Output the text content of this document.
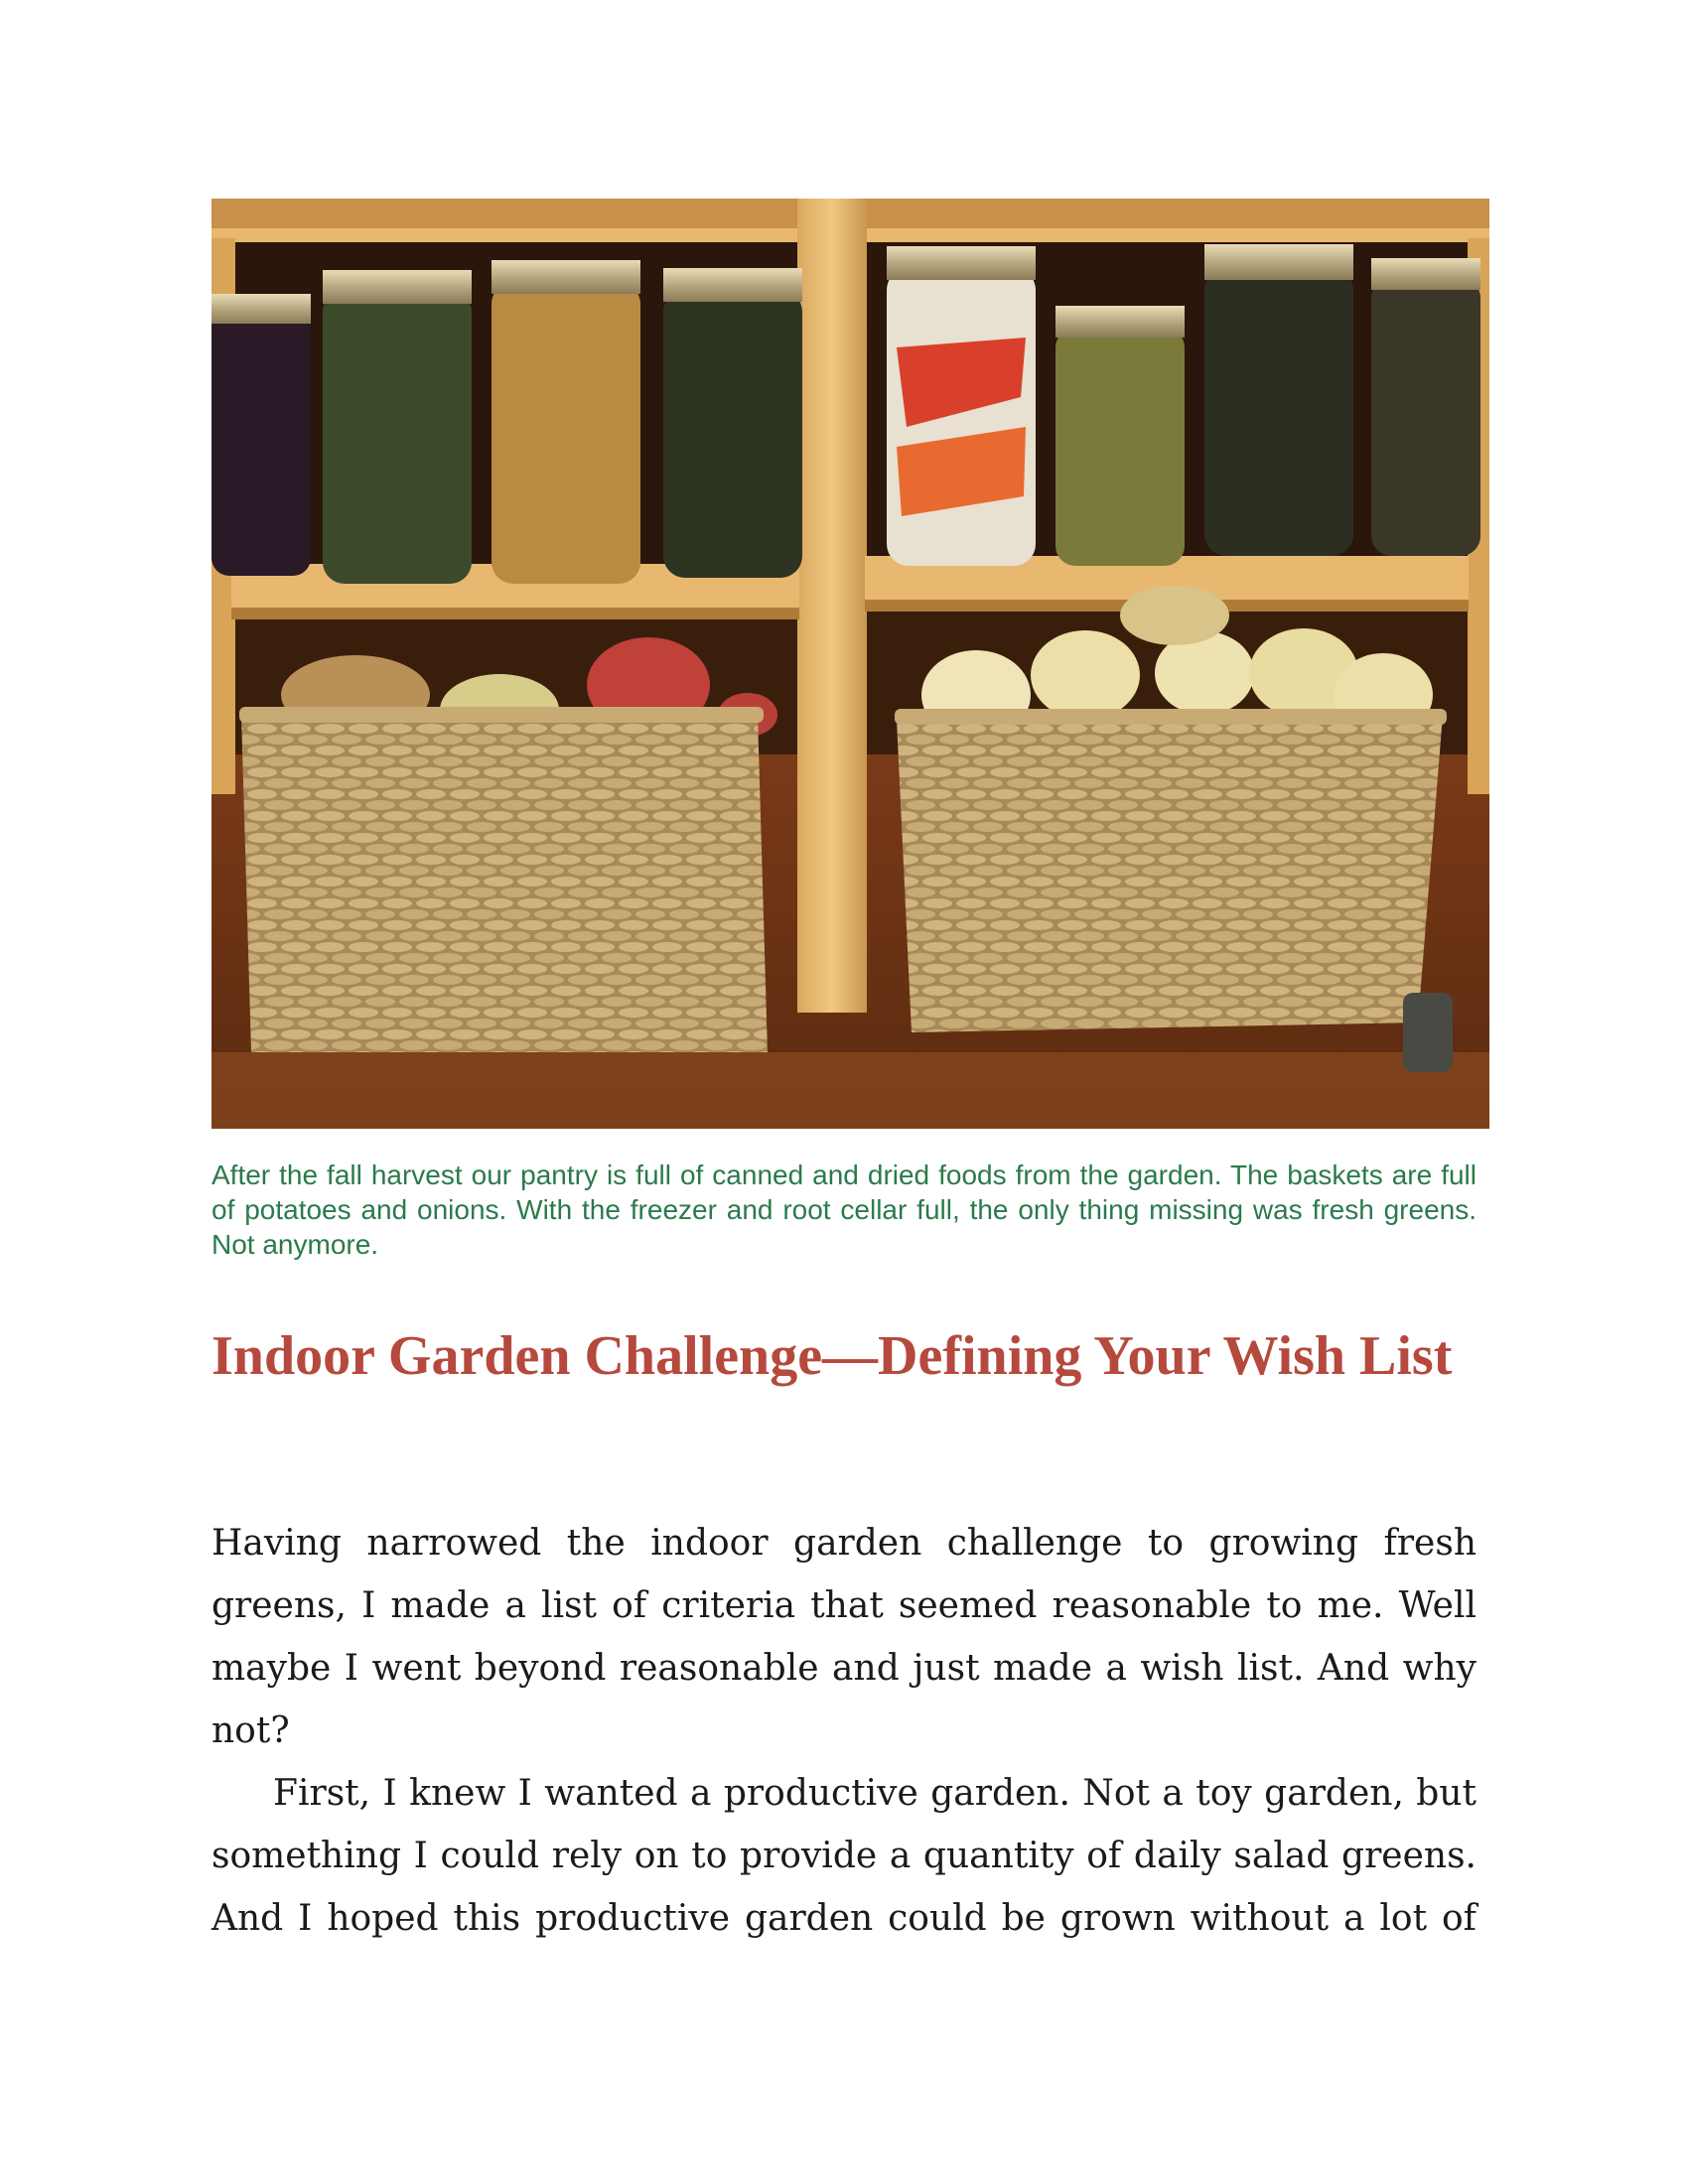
After the fall harvest our pantry is full of canned and dried foods from the garden. The baskets are full of potatoes and onions. With the freezer and root cellar full, the only thing missing was fresh greens. Not anymore.
Indoor Garden Challenge—Defining Your Wish List

Having narrowed the indoor garden challenge to growing fresh greens, I made a list of criteria that seemed reasonable to me. Well maybe I went beyond reasonable and just made a wish list. And why not?

First, I knew I wanted a productive garden. Not a toy garden, but something I could rely on to provide a quantity of daily salad greens. And I hoped this productive garden could be grown without a lot of
